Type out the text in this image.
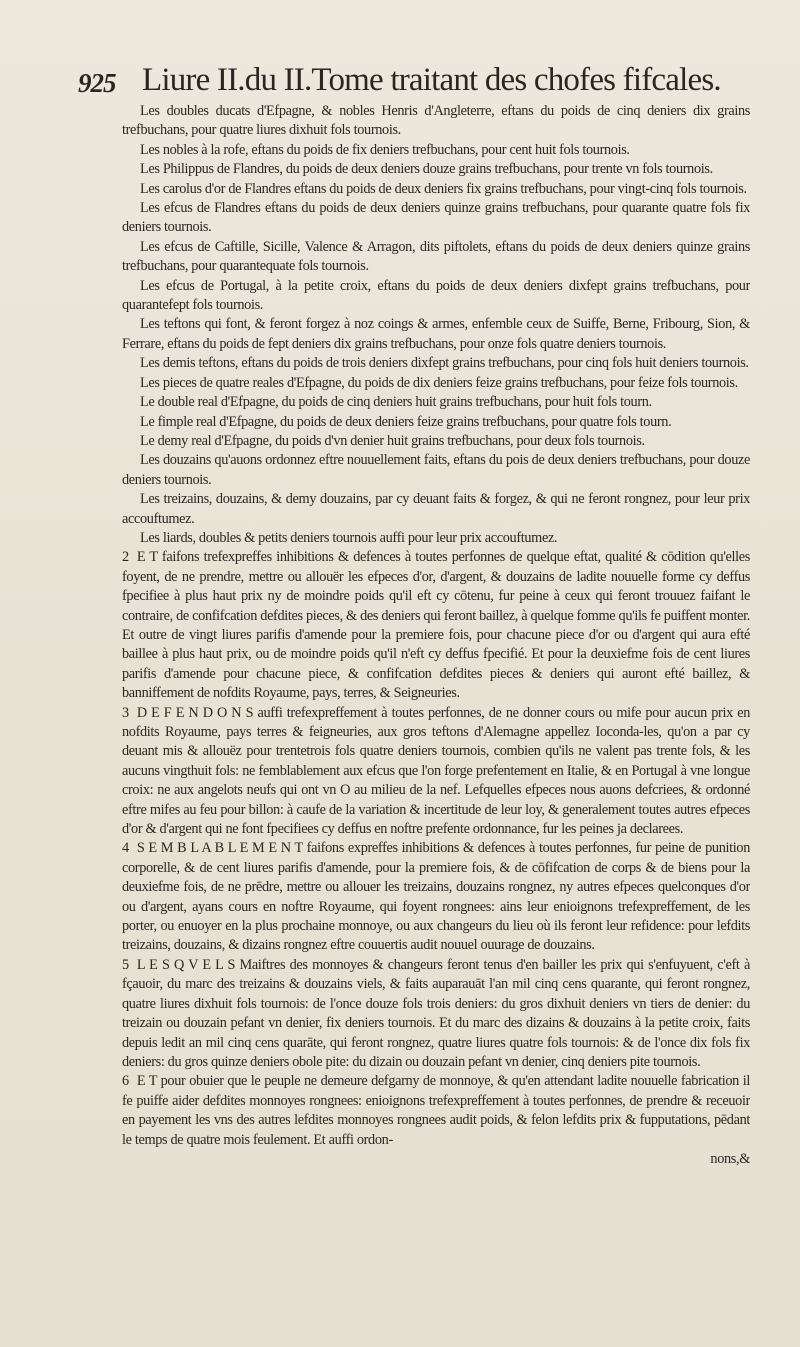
925 Liure II.du II.Tome traitant des chofes fifcales.

Les doubles ducats d'Efpagne, & nobles Henris d'Angleterre, eftans du poids de cinq deniers dix grains trefbuchans, pour quatre liures dixhuit fols tournois.

Les nobles à la rofe, eftans du poids de fix deniers trefbuchans, pour cent huit fols tournois.

Les Philippus de Flandres, du poids de deux deniers douze grains trefbuchans, pour trente vn fols tournois.

Les carolus d'or de Flandres eftans du poids de deux deniers fix grains trefbuchans, pour vingt-cinq fols tournois.

Les efcus de Flandres eftans du poids de deux deniers quinze grains trefbuchans, pour quarante quatre fols fix deniers tournois.

Les efcus de Caftille, Sicille, Valence & Arragon, dits piftolets, eftans du poids de deux deniers quinze grains trefbuchans, pour quarantequate fols tournois.

Les efcus de Portugal, à la petite croix, eftans du poids de deux deniers dixfept grains trefbuchans, pour quarantefept fols tournois.

Les teftons qui font, & feront forgez à noz coings & armes, enfemble ceux de Suiffe, Berne, Fribourg, Sion, & Ferrare, eftans du poids de fept deniers dix grains trefbuchans, pour onze fols quatre deniers tournois.

Les demis teftons, eftans du poids de trois deniers dixfept grains trefbuchans, pour cinq fols huit deniers tournois.

Les pieces de quatre reales d'Efpagne, du poids de dix deniers feize grains trefbuchans, pour feize fols tournois.

Le double real d'Efpagne, du poids de cinq deniers huit grains trefbuchans, pour huit fols tourn.

Le fimple real d'Efpagne, du poids de deux deniers feize grains trefbuchans, pour quatre fols tourn.

Le demy real d'Efpagne, du poids d'vn denier huit grains trefbuchans, pour deux fols tournois.

Les douzains qu'auons ordonnez eftre nouuellement faits, eftans du pois de deux deniers trefbuchans, pour douze deniers tournois.

Les treizains, douzains, & demy douzains, par cy deuant faits & forgez, & qui ne feront rongnez, pour leur prix accouftumez.

Les liards, doubles & petits deniers tournois auffi pour leur prix accouftumez.

2 E T faifons trefexpreffes inhibitions & defences à toutes perfonnes de quelque eftat, qualité & cōdition qu'elles foyent, de ne prendre, mettre ou allouër les efpeces d'or, d'argent, & douzains de ladite nouuelle forme cy deffus fpecifiee à plus haut prix ny de moindre poids qu'il eft cy cōtenu, fur peine à ceux qui feront trouuez faifant le contraire, de confifcation defdites pieces, & des deniers qui feront baillez, à quelque fomme qu'ils fe puiffent monter. Et outre de vingt liures parifis d'amende pour la premiere fois, pour chacune piece d'or ou d'argent qui aura efté baillee à plus haut prix, ou de moindre poids qu'il n'eft cy deffus fpecifié. Et pour la deuxiefme fois de cent liures parifis d'amende pour chacune piece, & confifcation defdites pieces & deniers qui auront efté baillez, & banniffement de nofdits Royaume, pays, terres, & Seigneuries.

3 D E F E N D O N S auffi trefexpreffement à toutes perfonnes, de ne donner cours ou mife pour aucun prix en nofdits Royaume, pays terres & feigneuries, aux gros teftons d'Alemagne appellez Ioconda-les, qu'on a par cy deuant mis & allouëz pour trentetrois fols quatre deniers tournois, combien qu'ils ne valent pas trente fols, & les aucuns vingthuit fols: ne femblablement aux efcus que l'on forge prefentement en Italie, & en Portugal à vne longue croix: ne aux angelots neufs qui ont vn O au milieu de la nef. Lefquelles efpeces nous auons defcriees, & ordonné eftre mifes au feu pour billon: à caufe de la variation & incertitude de leur loy, & generalement toutes autres efpeces d'or & d'argent qui ne font fpecifiees cy deffus en noftre prefente ordonnance, fur les peines ja declarees.

4 S E M B L A B L E M E N T faifons expreffes inhibitions & defences à toutes perfonnes, fur peine de punition corporelle, & de cent liures parifis d'amende, pour la premiere fois, & de cōfifcation de corps & de biens pour la deuxiefme fois, de ne prēdre, mettre ou allouer les treizains, douzains rongnez, ny autres efpeces quelconques d'or ou d'argent, ayans cours en noftre Royaume, qui foyent rongnees: ains leur enioignons trefexpreffement, de les porter, ou enuoyer en la plus prochaine monnoye, ou aux changeurs du lieu où ils feront leur refidence: pour lefdits treizains, douzains, & dizains rongnez eftre couuertis audit nouuel ouurage de douzains.

5 L E S Q V E L S Maiftres des monnoyes & changeurs feront tenus d'en bailler les prix qui s'enfuyuent, c'eft à fçauoir, du marc des treizains & douzains viels, & faits auparauāt l'an mil cinq cens quarante, qui feront rongnez, quatre liures dixhuit fols tournois: de l'once douze fols trois deniers: du gros dixhuit deniers vn tiers de denier: du treizain ou douzain pefant vn denier, fix deniers tournois. Et du marc des dizains & douzains à la petite croix, faits depuis ledit an mil cinq cens quarāte, qui feront rongnez, quatre liures quatre fols tournois: & de l'once dix fols fix deniers: du gros quinze deniers obole pite: du dizain ou douzain pefant vn denier, cinq deniers pite tournois.

6 E T pour obuier que le peuple ne demeure defgarny de monnoye, & qu'en attendant ladite nouuelle fabrication il fe puiffe aider defdites monnoyes rongnees: enioignons trefexpreffement à toutes perfonnes, de prendre & receuoir en payement les vns des autres lefdites monnoyes rongnees audit poids, & felon lefdits prix & fupputations, pēdant le temps de quatre mois feulement. Et auffi ordon-

nons,&
